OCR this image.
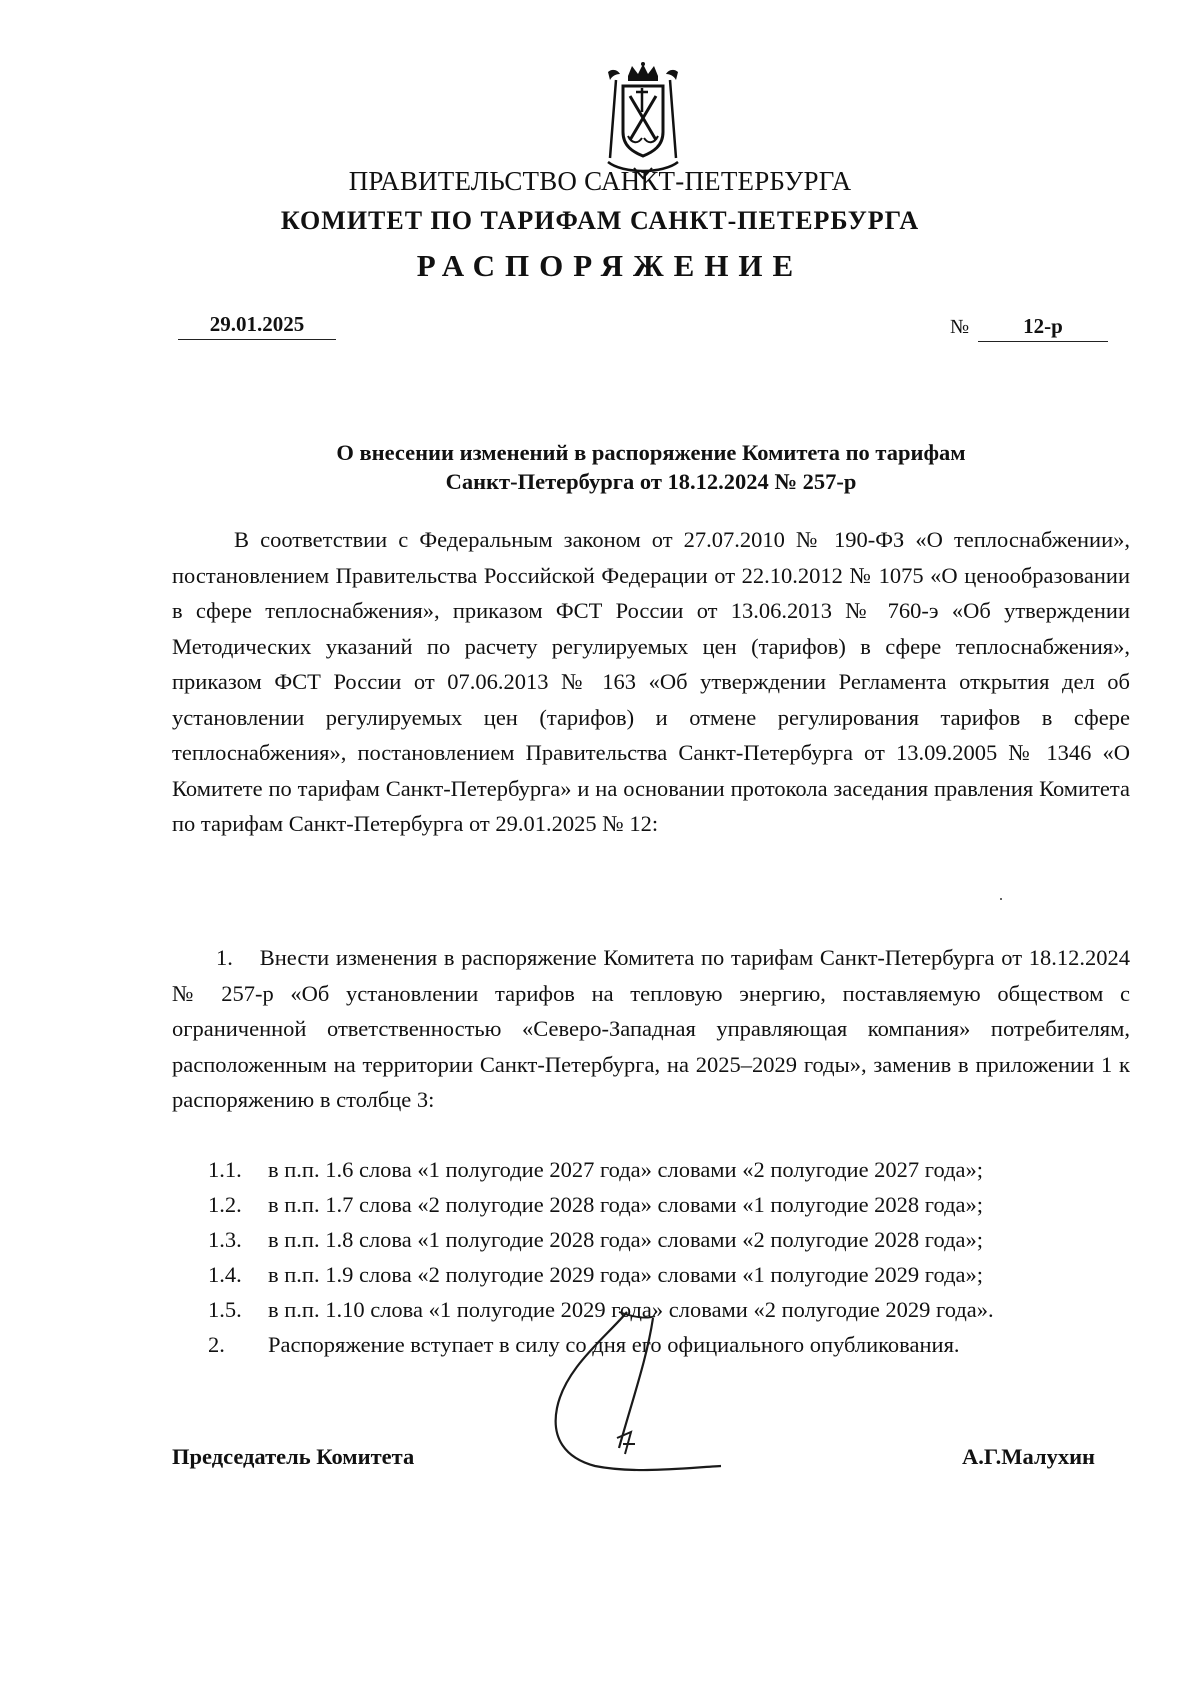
ПРАВИТЕЛЬСТВО САНКТ-ПЕТЕРБУРГА
КОМИТЕТ ПО ТАРИФАМ САНКТ-ПЕТЕРБУРГА
РАСПОРЯЖЕНИЕ
29.01.2025	№	12-р
О внесении изменений в распоряжение Комитета по тарифам
Санкт-Петербурга от 18.12.2024 № 257-р

В соответствии с Федеральным законом от 27.07.2010 № 190-ФЗ «О теплоснабжении», постановлением Правительства Российской Федерации от 22.10.2012 № 1075 «О ценообразовании в сфере теплоснабжения», приказом ФСТ России от 13.06.2013 № 760-э «Об утверждении Методических указаний по расчету регулируемых цен (тарифов) в сфере теплоснабжения», приказом ФСТ России от 07.06.2013 № 163 «Об утверждении Регламента открытия дел об установлении регулируемых цен (тарифов) и отмене регулирования тарифов в сфере теплоснабжения», постановлением Правительства Санкт-Петербурга от 13.09.2005 № 1346 «О Комитете по тарифам Санкт-Петербурга» и на основании протокола заседания правления Комитета по тарифам Санкт-Петербурга от 29.01.2025 № 12:

1. Внести изменения в распоряжение Комитета по тарифам Санкт-Петербурга от 18.12.2024 № 257-р «Об установлении тарифов на тепловую энергию, поставляемую обществом с ограниченной ответственностью «Северо-Западная управляющая компания» потребителям, расположенным на территории Санкт-Петербурга, на 2025–2029 годы», заменив в приложении 1 к распоряжению в столбце 3:

1.1. в п.п. 1.6 слова «1 полугодие 2027 года» словами «2 полугодие 2027 года»;
1.2. в п.п. 1.7 слова «2 полугодие 2028 года» словами «1 полугодие 2028 года»;
1.3. в п.п. 1.8 слова «1 полугодие 2028 года» словами «2 полугодие 2028 года»;
1.4. в п.п. 1.9 слова «2 полугодие 2029 года» словами «1 полугодие 2029 года»;
1.5. в п.п. 1.10 слова «1 полугодие 2029 года» словами «2 полугодие 2029 года».
2. Распоряжение вступает в силу со дня его официального опубликования.
Председатель Комитета	А.Г.Малухин
